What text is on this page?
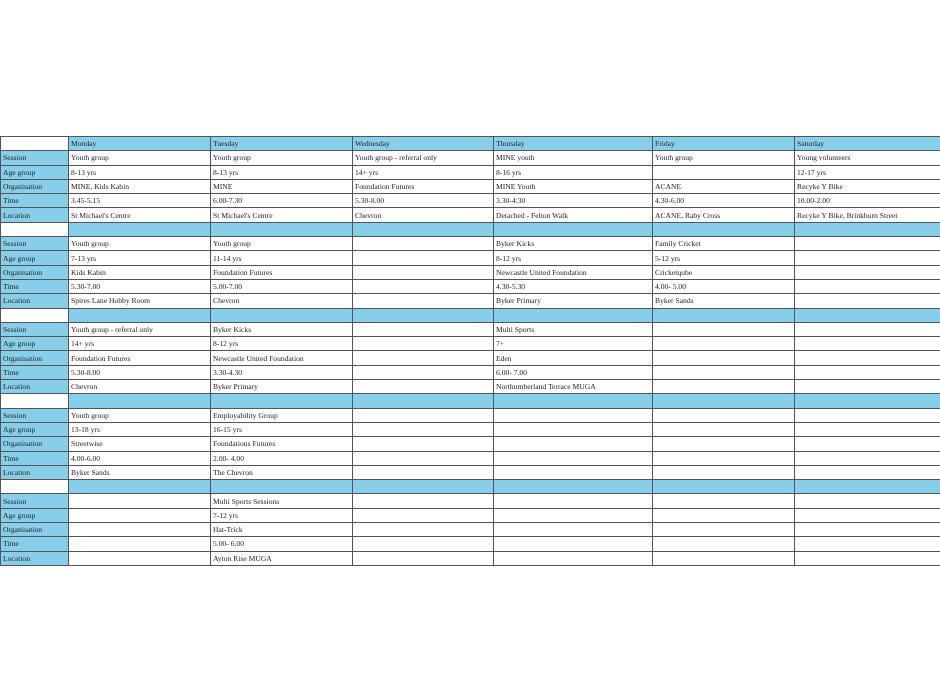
	Monday	Tuesday	Wednesday	Thursday	Friday	Saturday
Session	Youth group	Youth group	Youth group - referral only	MINE youth	Youth group	Young volunteers
Age group	8-13 yrs	8-13 yrs	14+ yrs	8-16 yrs		12-17 yrs
Organisation	MINE, Kids Kabin	MINE	Foundation Futures	MINE Youth	ACANE	Recyke Y Bike
Time	3.45-5.15	6.00-7.30	5.30-8.00	3.30-4:30	4.30-6.00	10.00-2.00
Location	St Michael's Centre	St Michael's Centre	Chevron	Detached - Felton Walk	ACANE, Raby Cross	Recyke Y Bike, Brinkburn Street

Session	Youth group	Youth group		Byker Kicks	Family Cricket	
Age group	7-13 yrs	11-14 yrs		8-12 yrs	5-12 yrs	
Organisation	Kids Kabin	Foundation Futures		Newcastle United Foundation	Cricketqube	
Time	5.30-7.00	5.00-7.00		4.30-5.30	4.00- 5.00	
Location	Spires Lane Hobby Room	Chevron		Byker Primary	Byker Sands	

Session	Youth group - referral only	Byker Kicks		Multi Sports		
Age group	14+ yrs	8-12 yrs		7+		
Organisation	Foundation Futures	Newcastle United Foundation		Eden		
Time	5.30-8.00	3.30-4.30		6.00- 7.00		
Location	Chevron	Byker Primary		Northumberland Terrace MUGA		

Session	Youth group	Employability Group				
Age group	13-18 yrs	16-15 yrs				
Organisation	Streetwise	Foundations Futures				
Time	4.00-6.00	2.00- 4.00				
Location	Byker Sands	The Chevron				

Session		Multi Sports Sessions				
Age group		7-12 yrs				
Organisation		Hat-Trick				
Time		5.00- 6.00				
Location		Ayton Rise MUGA				
